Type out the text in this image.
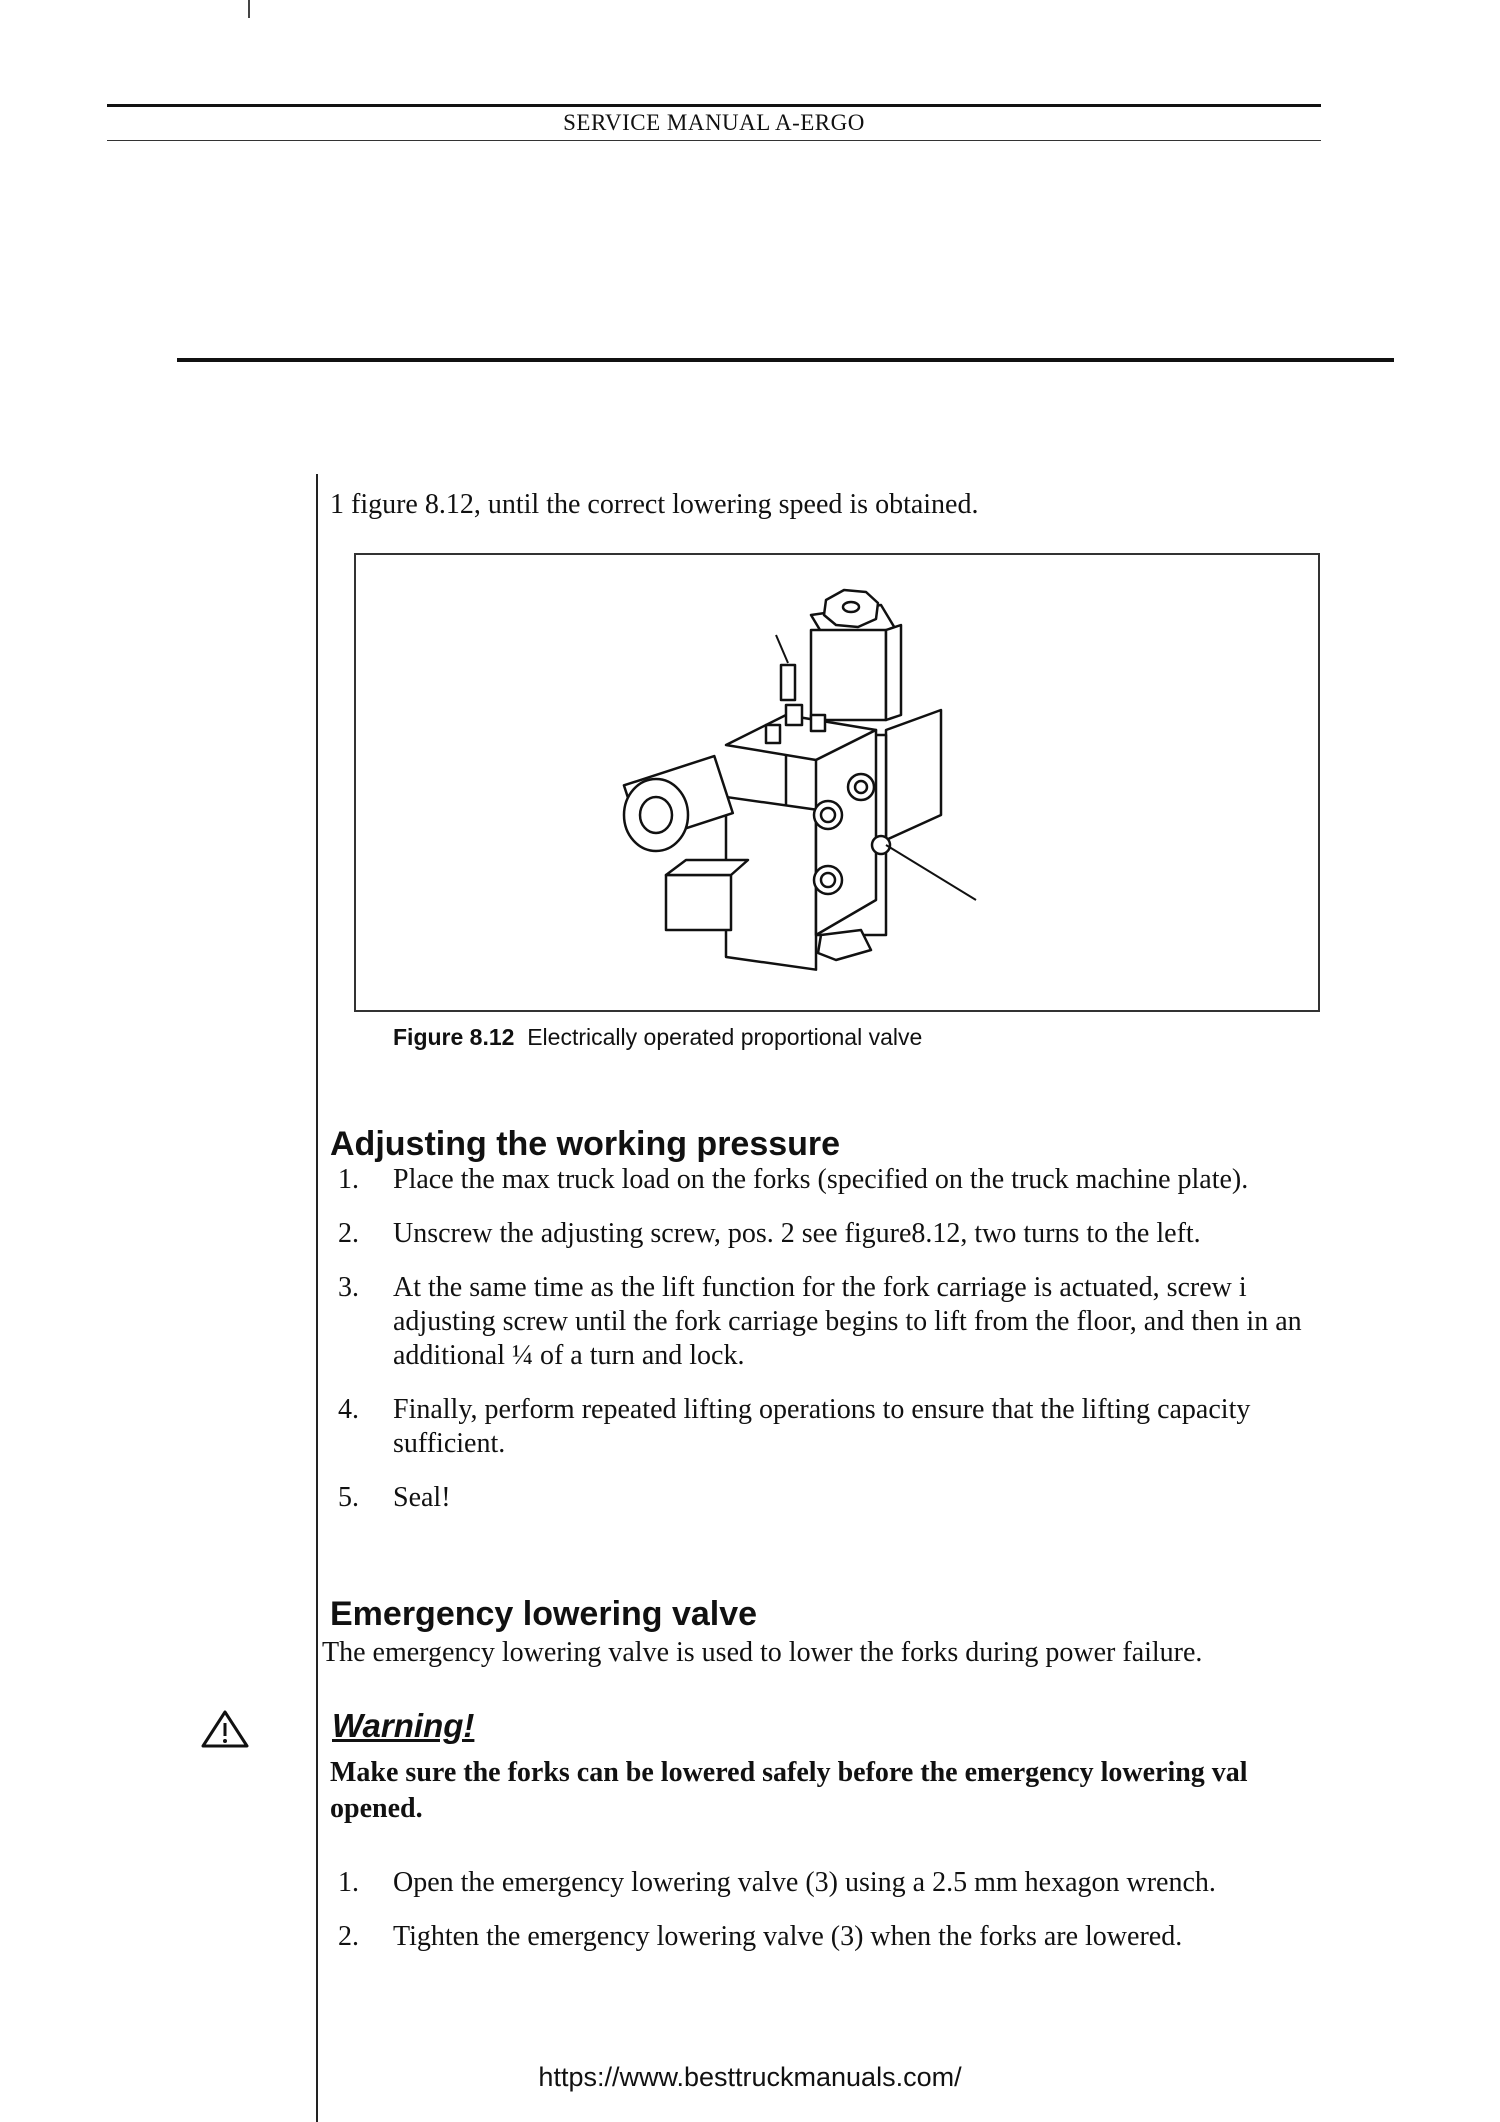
SERVICE MANUAL A-ERGO
1 figure 8.12, until the correct lowering speed is obtained.
Figure 8.12 Electrically operated proportional valve
Adjusting the working pressure
1. Place the max truck load on the forks (specified on the truck machine plate).
2. Unscrew the adjusting screw, pos. 2 see figure8.12, two turns to the left.
3. At the same time as the lift function for the fork carriage is actuated, screw i adjusting screw until the fork carriage begins to lift from the floor, and then in an additional ¼ of a turn and lock.
4. Finally, perform repeated lifting operations to ensure that the lifting capacity sufficient.
5. Seal!
Emergency lowering valve
The emergency lowering valve is used to lower the forks during power failure.
Warning!
Make sure the forks can be lowered safely before the emergency lowering val opened.
1. Open the emergency lowering valve (3) using a 2.5 mm hexagon wrench.
2. Tighten the emergency lowering valve (3) when the forks are lowered.
https://www.besttruckmanuals.com/
